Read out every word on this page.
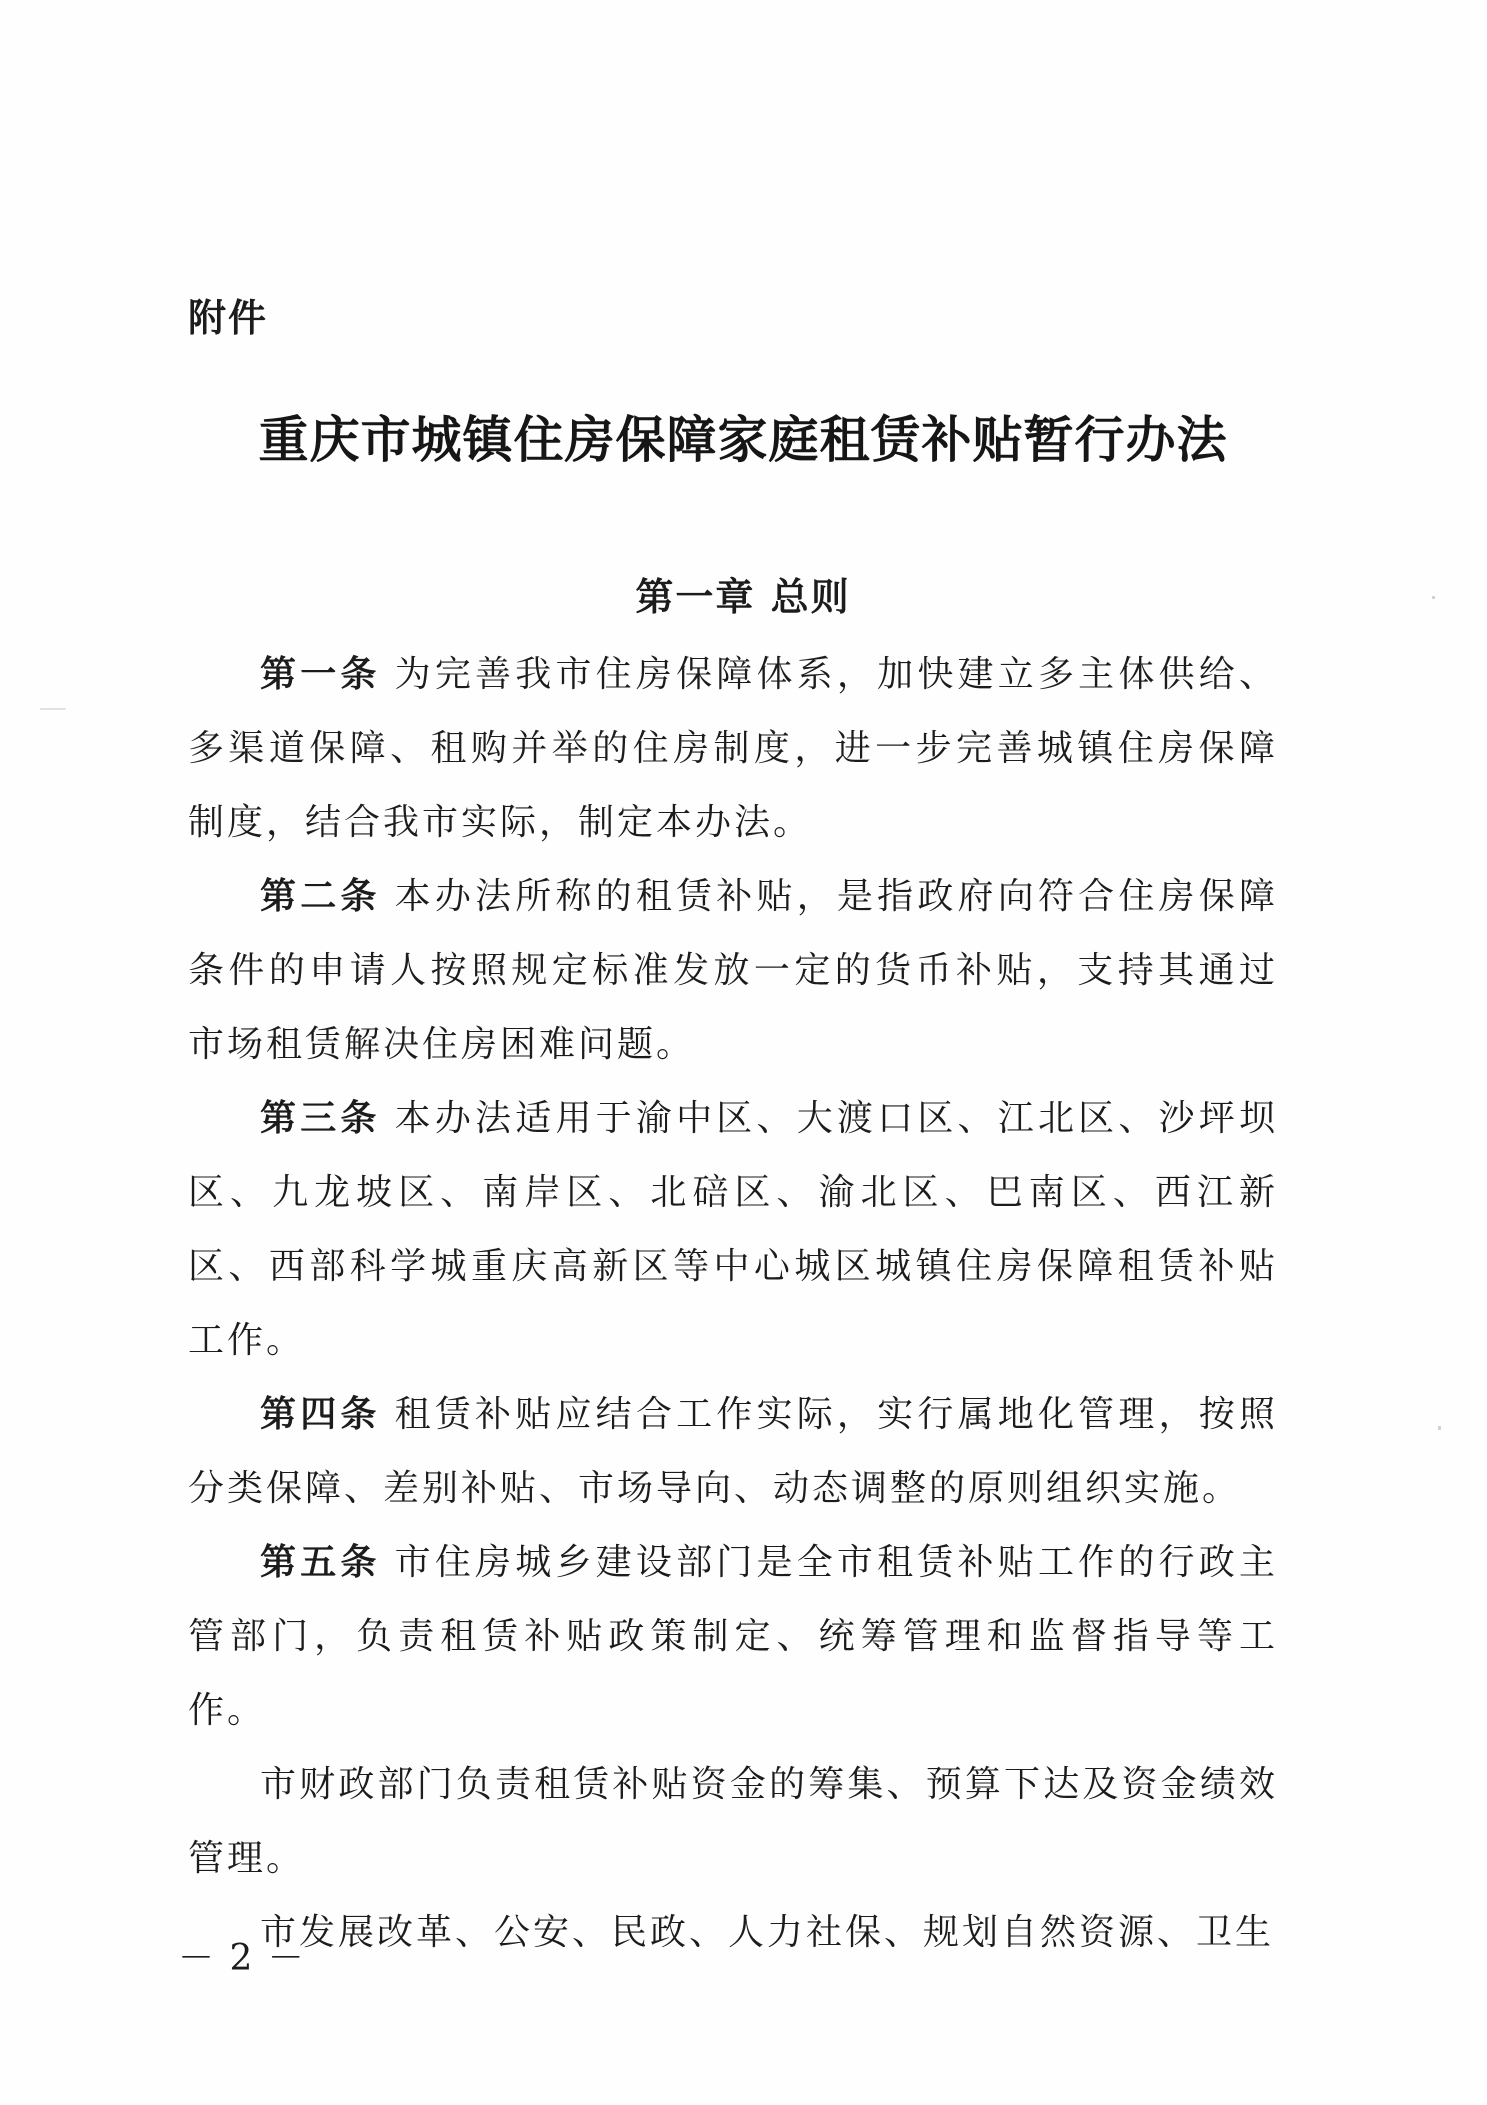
附件
重庆市城镇住房保障家庭租赁补贴暂行办法
第一章 总则

第一条 为完善我市住房保障体系，加快建立多主体供给、多渠道保障、租购并举的住房制度，进一步完善城镇住房保障制度，结合我市实际，制定本办法。

第二条 本办法所称的租赁补贴，是指政府向符合住房保障条件的申请人按照规定标准发放一定的货币补贴，支持其通过市场租赁解决住房困难问题。

第三条 本办法适用于渝中区、大渡口区、江北区、沙坪坝区、九龙坡区、南岸区、北碚区、渝北区、巴南区、西江新区、西部科学城重庆高新区等中心城区城镇住房保障租赁补贴工作。

第四条 租赁补贴应结合工作实际，实行属地化管理，按照分类保障、差别补贴、市场导向、动态调整的原则组织实施。

第五条 市住房城乡建设部门是全市租赁补贴工作的行政主管部门，负责租赁补贴政策制定、统筹管理和监督指导等工作。

市财政部门负责租赁补贴资金的筹集、预算下达及资金绩效管理。

市发展改革、公安、民政、人力社保、规划自然资源、卫生

－ 2 －
